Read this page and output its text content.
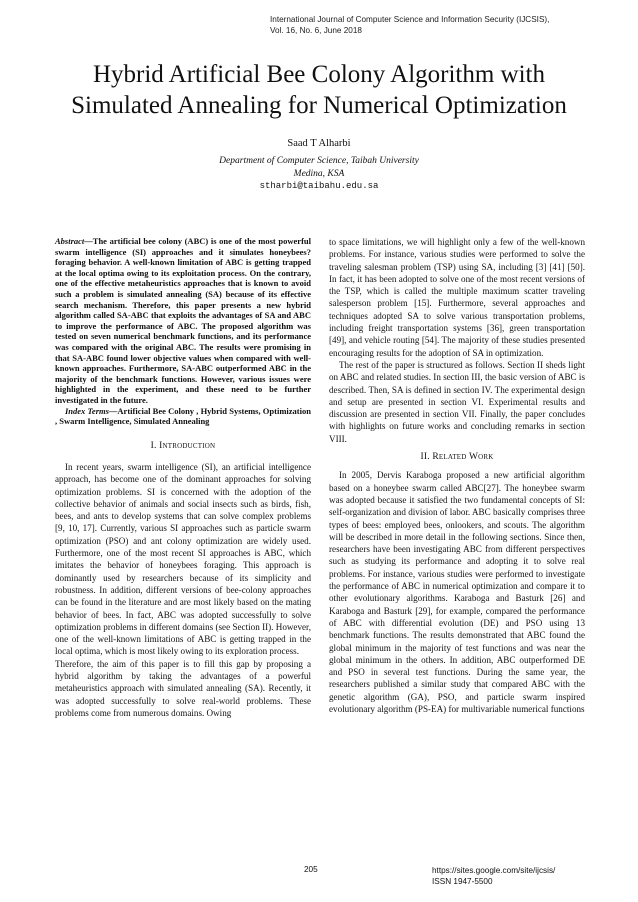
International Journal of Computer Science and Information Security (IJCSIS),
Vol. 16, No. 6, June 2018
Hybrid Artificial Bee Colony Algorithm with
Simulated Annealing for Numerical Optimization
Saad T Alharbi
Department of Computer Science, Taibah University
Medina, KSA
stharbi@taibahu.edu.sa

Abstract—The artificial bee colony (ABC) is one of the most powerful swarm intelligence (SI) approaches and it simulates honeybees? foraging behavior. A well-known limitation of ABC is getting trapped at the local optima owing to its exploitation process. On the contrary, one of the effective metaheuristics approaches that is known to avoid such a problem is simulated annealing (SA) because of its effective search mechanism. Therefore, this paper presents a new hybrid algorithm called SA-ABC that exploits the advantages of SA and ABC to improve the performance of ABC. The proposed algorithm was tested on seven numerical benchmark functions, and its performance was compared with the original ABC. The results were promising in that SA-ABC found lower objective values when compared with well-known approaches. Furthermore, SA-ABC outperformed ABC in the majority of the benchmark functions. However, various issues were highlighted in the experiment, and these need to be further investigated in the future.

Index Terms—Artificial Bee Colony , Hybrid Systems, Optimization , Swarm Intelligence, Simulated Annealing

I. Introduction

In recent years, swarm intelligence (SI), an artificial intelligence approach, has become one of the dominant approaches for solving optimization problems. SI is concerned with the adoption of the collective behavior of animals and social insects such as birds, fish, bees, and ants to develop systems that can solve complex problems [9, 10, 17]. Currently, various SI approaches such as particle swarm optimization (PSO) and ant colony optimization are widely used. Furthermore, one of the most recent SI approaches is ABC, which imitates the behavior of honeybees foraging. This approach is dominantly used by researchers because of its simplicity and robustness. In addition, different versions of bee-colony approaches can be found in the literature and are most likely based on the mating behavior of bees. In fact, ABC was adopted successfully to solve optimization problems in different domains (see Section II). However, one of the well-known limitations of ABC is getting trapped in the local optima, which is most likely owing to its exploration process.

Therefore, the aim of this paper is to fill this gap by proposing a hybrid algorithm by taking the advantages of a powerful metaheuristics approach with simulated annealing (SA). Recently, it was adopted successfully to solve real-world problems. These problems come from numerous domains. Owing

to space limitations, we will highlight only a few of the well-known problems. For instance, various studies were performed to solve the traveling salesman problem (TSP) using SA, including [3] [41] [50]. In fact, it has been adopted to solve one of the most recent versions of the TSP, which is called the multiple maximum scatter traveling salesperson problem [15]. Furthermore, several approaches and techniques adopted SA to solve various transportation problems, including freight transportation systems [36], green transportation [49], and vehicle routing [54]. The majority of these studies presented encouraging results for the adoption of SA in optimization.

The rest of the paper is structured as follows. Section II sheds light on ABC and related studies. In section III, the basic version of ABC is described. Then, SA is defined in section IV. The experimental design and setup are presented in section VI. Experimental results and discussion are presented in section VII. Finally, the paper concludes with highlights on future works and concluding remarks in section VIII.

II. Related Work

In 2005, Dervis Karaboga proposed a new artificial algorithm based on a honeybee swarm called ABC[27]. The honeybee swarm was adopted because it satisfied the two fundamental concepts of SI: self-organization and division of labor. ABC basically comprises three types of bees: employed bees, onlookers, and scouts. The algorithm will be described in more detail in the following sections. Since then, researchers have been investigating ABC from different perspectives such as studying its performance and adopting it to solve real problems. For instance, various studies were performed to investigate the performance of ABC in numerical optimization and compare it to other evolutionary algorithms. Karaboga and Basturk [26] and Karaboga and Basturk [29], for example, compared the performance of ABC with differential evolution (DE) and PSO using 13 benchmark functions. The results demonstrated that ABC found the global minimum in the majority of test functions and was near the global minimum in the others. In addition, ABC outperformed DE and PSO in several test functions. During the same year, the researchers published a similar study that compared ABC with the genetic algorithm (GA), PSO, and particle swarm inspired evolutionary algorithm (PS-EA) for multivariable numerical functions

205	https://sites.google.com/site/ijcsis/
ISSN 1947-5500
